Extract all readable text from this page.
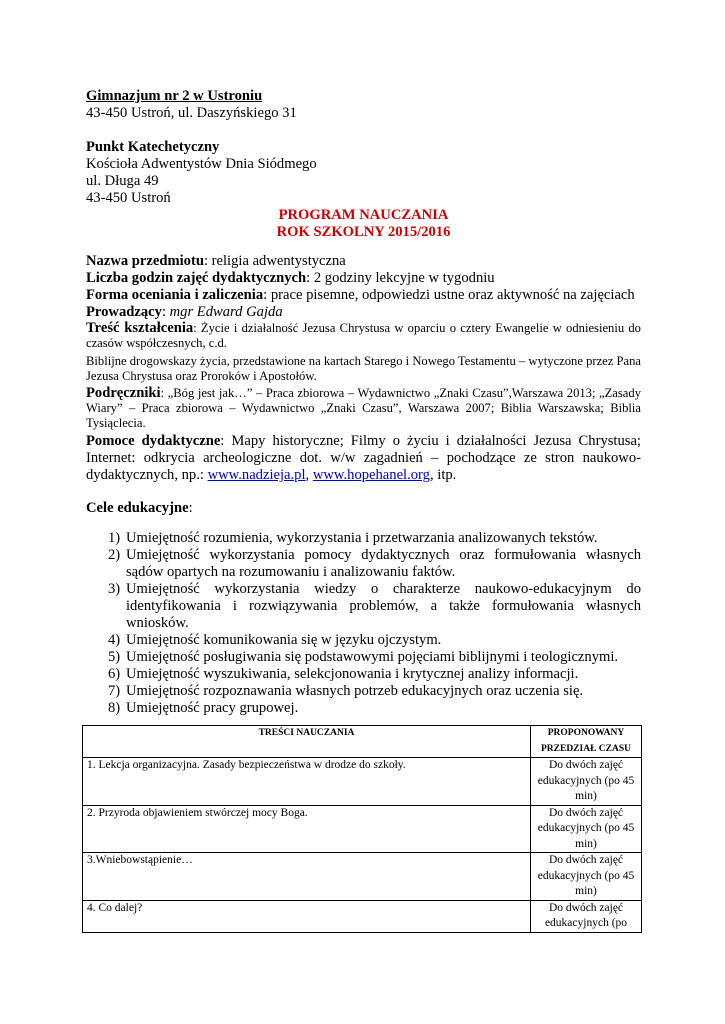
Gimnazjum nr 2 w Ustroniu
43-450 Ustroń, ul. Daszyńskiego 31
Punkt Katechetyczny
Kościoła Adwentystów Dnia Siódmego
ul. Długa 49
43-450 Ustroń
PROGRAM NAUCZANIA
ROK SZKOLNY 2015/2016
Nazwa przedmiotu: religia adwentystyczna
Liczba godzin zajęć dydaktycznych: 2 godziny lekcyjne w tygodniu
Forma oceniania i zaliczenia: prace pisemne, odpowiedzi ustne oraz aktywność na zajęciach
Prowadzący: mgr Edward Gajda
Treść kształcenia: Życie i działalność Jezusa Chrystusa w oparciu o cztery Ewangelie w odniesieniu do czasów współczesnych, c.d.
Biblijne drogowskazy życia, przedstawione na kartach Starego i Nowego Testamentu – wytyczone przez Pana Jezusa Chrystusa oraz Proroków i Apostołów.
Podręczniki: „Bóg jest jak…” – Praca zbiorowa – Wydawnictwo „Znaki Czasu”,Warszawa 2013; „Zasady Wiary” – Praca zbiorowa – Wydawnictwo „Znaki Czasu”, Warszawa 2007; Biblia Warszawska; Biblia Tysiąclecia.
Pomoce dydaktyczne: Mapy historyczne; Filmy o życiu i działalności Jezusa Chrystusa; Internet: odkrycia archeologiczne dot. w/w zagadnień – pochodzące ze stron naukowo-dydaktycznych, np.: www.nadzieja.pl, www.hopehanel.org, itp.
Cele edukacyjne:
1) Umiejętność rozumienia, wykorzystania i przetwarzania analizowanych tekstów.
2) Umiejętność wykorzystania pomocy dydaktycznych oraz formułowania własnych sądów opartych na rozumowaniu i analizowaniu faktów.
3) Umiejętność wykorzystania wiedzy o charakterze naukowo-edukacyjnym do identyfikowania i rozwiązywania problemów, a także formułowania własnych wniosków.
4) Umiejętność komunikowania się w języku ojczystym.
5) Umiejętność posługiwania się podstawowymi pojęciami biblijnymi i teologicznymi.
6) Umiejętność wyszukiwania, selekcjonowania i krytycznej analizy informacji.
7) Umiejętność rozpoznawania własnych potrzeb edukacyjnych oraz uczenia się.
8) Umiejętność pracy grupowej.
TREŚCI NAUCZANIA	PROPONOWANY PRZEDZIAŁ CZASU
1. Lekcja organizacyjna. Zasady bezpieczeństwa w drodze do szkoły.	Do dwóch zajęć edukacyjnych (po 45 min)
2. Przyroda objawieniem stwórczej mocy Boga.	Do dwóch zajęć edukacyjnych (po 45 min)
3.Wniebowstąpienie…	Do dwóch zajęć edukacyjnych (po 45 min)
4. Co dalej?	Do dwóch zajęć edukacyjnych (po
